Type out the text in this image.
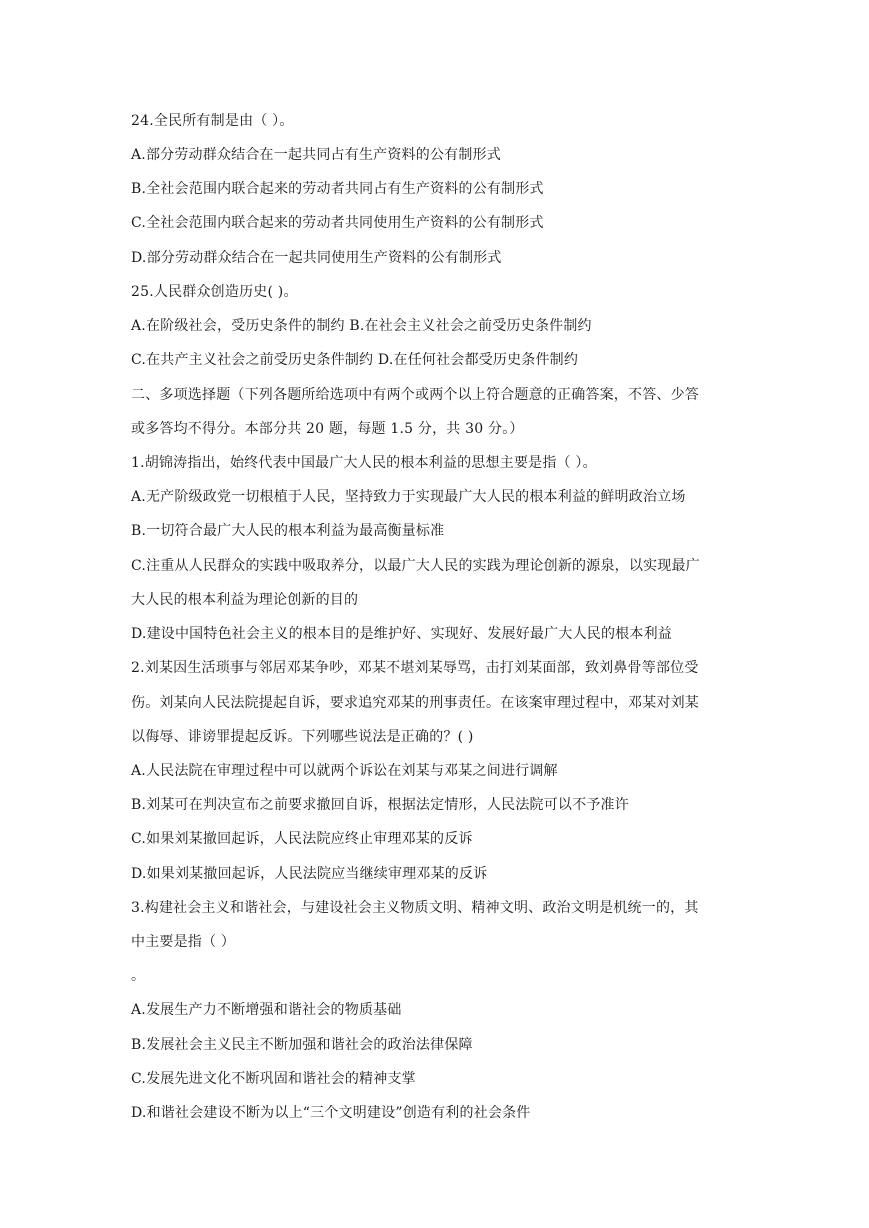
24.全民所有制是由（ ）。
A.部分劳动群众结合在一起共同占有生产资料的公有制形式
B.全社会范围内联合起来的劳动者共同占有生产资料的公有制形式
C.全社会范围内联合起来的劳动者共同使用生产资料的公有制形式
D.部分劳动群众结合在一起共同使用生产资料的公有制形式
25.人民群众创造历史( )。
A.在阶级社会，受历史条件的制约 B.在社会主义社会之前受历史条件制约
C.在共产主义社会之前受历史条件制约 D.在任何社会都受历史条件制约
二、多项选择题（下列各题所给选项中有两个或两个以上符合题意的正确答案，不答、少答
或多答均不得分。本部分共 20 题，每题 1.5 分，共 30 分。）
1.胡锦涛指出，始终代表中国最广大人民的根本利益的思想主要是指（ ）。
A.无产阶级政党一切根植于人民，坚持致力于实现最广大人民的根本利益的鲜明政治立场
B.一切符合最广大人民的根本利益为最高衡量标准
C.注重从人民群众的实践中吸取养分，以最广大人民的实践为理论创新的源泉，以实现最广
大人民的根本利益为理论创新的目的
D.建设中国特色社会主义的根本目的是维护好、实现好、发展好最广大人民的根本利益
2.刘某因生活琐事与邻居邓某争吵，邓某不堪刘某辱骂，击打刘某面部，致刘鼻骨等部位受
伤。刘某向人民法院提起自诉，要求追究邓某的刑事责任。在该案审理过程中，邓某对刘某
以侮辱、诽谤罪提起反诉。下列哪些说法是正确的？( )
A.人民法院在审理过程中可以就两个诉讼在刘某与邓某之间进行调解
B.刘某可在判决宣布之前要求撤回自诉，根据法定情形，人民法院可以不予准许
C.如果刘某撤回起诉，人民法院应终止审理邓某的反诉
D.如果刘某撤回起诉，人民法院应当继续审理邓某的反诉
3.构建社会主义和谐社会，与建设社会主义物质文明、精神文明、政治文明是机统一的，其
中主要是指（ ）
。
A.发展生产力不断增强和谐社会的物质基础
B.发展社会主义民主不断加强和谐社会的政治法律保障
C.发展先进文化不断巩固和谐社会的精神支掌
D.和谐社会建设不断为以上“三个文明建设”创造有利的社会条件
